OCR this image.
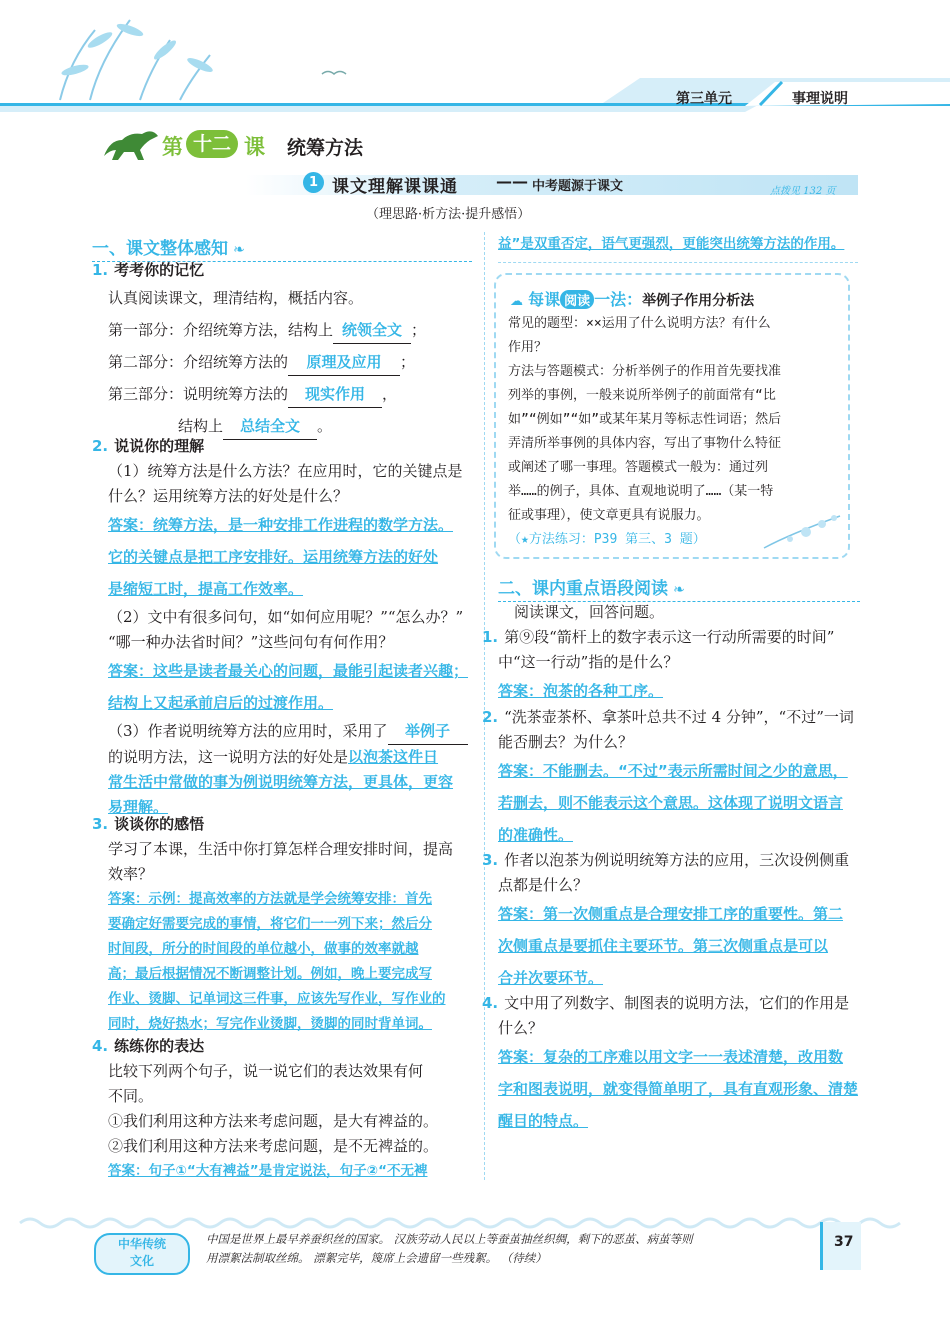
第三单元	事理说明
第 十二 课 统筹方法
1 课文理解课课通 —— 中考题源于课文	点拨见 132 页
（理思路·析方法·提升感悟）
一、课文整体感知 ❧
1. 考考你的记忆
认真阅读课文，理清结构，概括内容。
第一部分：介绍统筹方法，结构上 统领全文 ；
第二部分：介绍统筹方法的 原理及应用 ；
第三部分：说明统筹方法的 现实作用 ，
结构上 总结全文 。
2. 说说你的理解
（1）统筹方法是什么方法？在应用时，它的关键点是
什么？运用统筹方法的好处是什么？
答案：统筹方法，是一种安排工作进程的数学方法。
它的关键点是把工序安排好。运用统筹方法的好处
是缩短工时，提高工作效率。
（2）文中有很多问句，如“如何应用呢？”“怎么办？”
“哪一种办法省时间？”这些问句有何作用？
答案：这些是读者最关心的问题，最能引起读者兴趣；
结构上又起承前启后的过渡作用。
（3）作者说明统筹方法的应用时，采用了 举例子
的说明方法，这一说明方法的好处是以泡茶这件日
常生活中常做的事为例说明统筹方法，更具体，更容
易理解。
3. 谈谈你的感悟
学习了本课，生活中你打算怎样合理安排时间，提高
效率？
答案：示例：提高效率的方法就是学会统筹安排：首先
要确定好需要完成的事情，将它们一一列下来；然后分
时间段，所分的时间段的单位越小，做事的效率就越
高；最后根据情况不断调整计划。例如，晚上要完成写
作业、烫脚、记单词这三件事，应该先写作业，写作业的
同时，烧好热水；写完作业烫脚，烫脚的同时背单词。
4. 练练你的表达
比较下列两个句子，说一说它们的表达效果有何
不同。
①我们利用这种方法来考虑问题，是大有裨益的。
②我们利用这种方法来考虑问题，是不无裨益的。
答案：句子①“大有裨益”是肯定说法，句子②“不无裨
益”是双重否定，语气更强烈，更能突出统筹方法的作用。
☁ 每课 阅读 一法：举例子作用分析法
常见的题型：××运用了什么说明方法？有什么
作用？
方法与答题模式：分析举例子的作用首先要找准
列举的事例，一般来说所举例子的前面常有“比
如”“例如”“如”或某年某月等标志性词语；然后
弄清所举事例的具体内容，写出了事物什么特征
或阐述了哪一事理。答题模式一般为：通过列
举……的例子，具体、直观地说明了……（某一特
征或事理），使文章更具有说服力。
（★方法练习：P39 第三、3 题）
二、课内重点语段阅读 ❧
阅读课文，回答问题。
1. 第⑨段“箭杆上的数字表示这一行动所需要的时间”
中“这一行动”指的是什么？
答案：泡茶的各种工序。
2. “洗茶壶茶杯、拿茶叶总共不过 4 分钟”，“不过”一词
能否删去？为什么？
答案：不能删去。“不过”表示所需时间之少的意思，
若删去，则不能表示这个意思。这体现了说明文语言
的准确性。
3. 作者以泡茶为例说明统筹方法的应用，三次设例侧重
点都是什么？
答案：第一次侧重点是合理安排工序的重要性。第二
次侧重点是要抓住主要环节。第三次侧重点是可以
合并次要环节。
4. 文中用了列数字、制图表的说明方法，它们的作用是
什么？
答案：复杂的工序难以用文字一一表述清楚，改用数
字和图表说明，就变得简单明了，具有直观形象、清楚
醒目的特点。
中华传统
文化
中国是世界上最早养蚕织丝的国家。 汉族劳动人民以上等蚕茧抽丝织绸，剩下的恶茧、病茧等则
用漂絮法制取丝绵。 漂絮完毕，篾席上会遗留一些残絮。 （待续）
37
